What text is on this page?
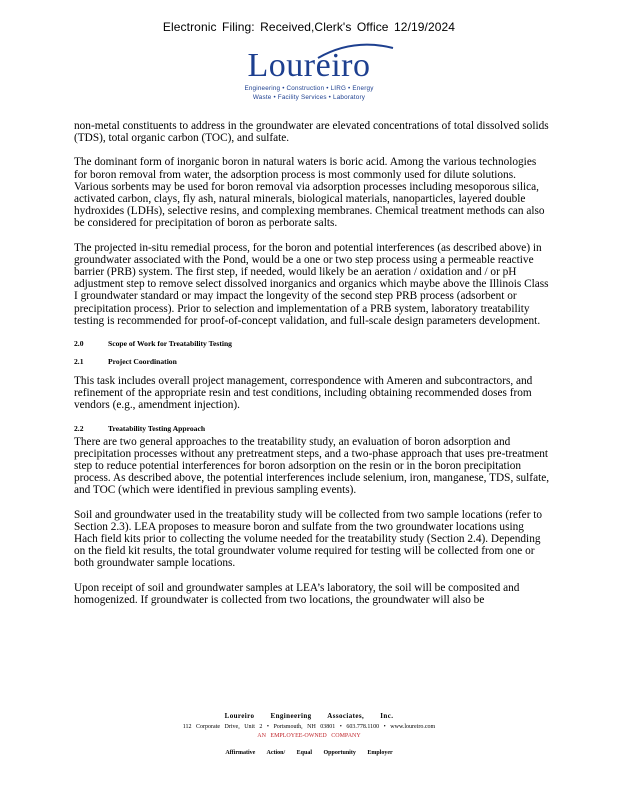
Electronic Filing: Received,Clerk's Office 12/19/2024
Loureiro
Engineering • Construction • LIRG • Energy
Waste • Facility Services • Laboratory

non-metal constituents to address in the groundwater are elevated concentrations of total dissolved solids (TDS), total organic carbon (TOC), and sulfate.

The dominant form of inorganic boron in natural waters is boric acid. Among the various technologies for boron removal from water, the adsorption process is most commonly used for dilute solutions. Various sorbents may be used for boron removal via adsorption processes including mesoporous silica, activated carbon, clays, fly ash, natural minerals, biological materials, nanoparticles, layered double hydroxides (LDHs), selective resins, and complexing membranes. Chemical treatment methods can also be considered for precipitation of boron as perborate salts.

The projected in-situ remedial process, for the boron and potential interferences (as described above) in groundwater associated with the Pond, would be a one or two step process using a permeable reactive barrier (PRB) system. The first step, if needed, would likely be an aeration / oxidation and / or pH adjustment step to remove select dissolved inorganics and organics which maybe above the Illinois Class I groundwater standard or may impact the longevity of the second step PRB process (adsorbent or precipitation process). Prior to selection and implementation of a PRB system, laboratory treatability testing is recommended for proof-of-concept validation, and full-scale design parameters development.

2.0	Scope of Work for Treatability Testing
2.1	Project Coordination

This task includes overall project management, correspondence with Ameren and subcontractors, and refinement of the appropriate resin and test conditions, including obtaining recommended doses from vendors (e.g., amendment injection).

2.2	Treatability Testing Approach

There are two general approaches to the treatability study, an evaluation of boron adsorption and precipitation processes without any pretreatment steps, and a two-phase approach that uses pre-treatment step to reduce potential interferences for boron adsorption on the resin or in the boron precipitation process. As described above, the potential interferences include selenium, iron, manganese, TDS, sulfate, and TOC (which were identified in previous sampling events).

Soil and groundwater used in the treatability study will be collected from two sample locations (refer to Section 2.3). LEA proposes to measure boron and sulfate from the two groundwater locations using Hach field kits prior to collecting the volume needed for the treatability study (Section 2.4). Depending on the field kit results, the total groundwater volume required for testing will be collected from one or both groundwater sample locations.

Upon receipt of soil and groundwater samples at LEA’s laboratory, the soil will be composited and homogenized. If groundwater is collected from two locations, the groundwater will also be

Loureiro Engineering Associates, Inc.
112 Corporate Drive, Unit 2 • Portsmouth, NH 03801 • 603.778.1100 • www.loureiro.com
AN EMPLOYEE-OWNED COMPANY
Affirmative Action/ Equal Opportunity Employer
